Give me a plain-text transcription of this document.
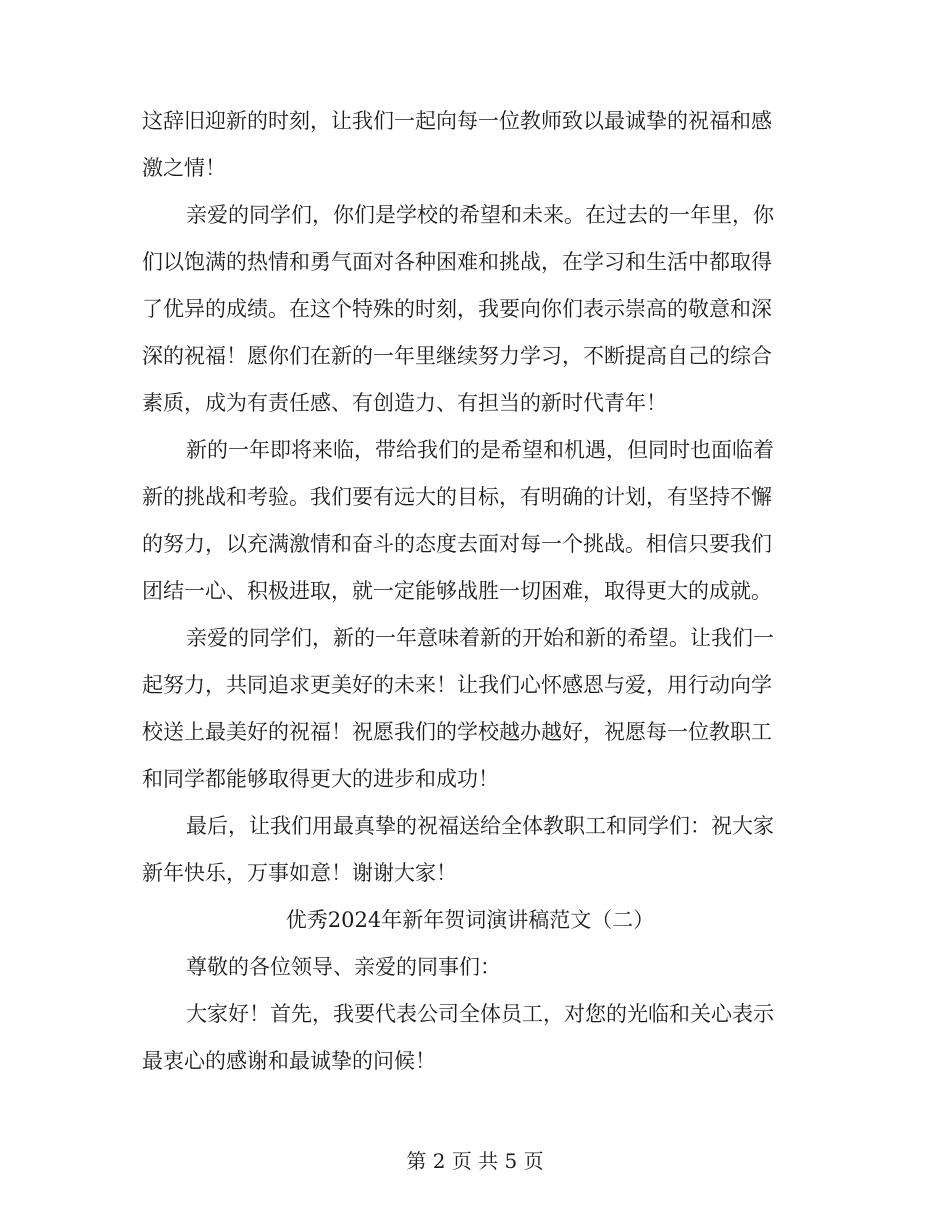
这辞旧迎新的时刻，让我们一起向每一位教师致以最诚挚的祝福和感

激之情！

亲爱的同学们，你们是学校的希望和未来。在过去的一年里，你

们以饱满的热情和勇气面对各种困难和挑战，在学习和生活中都取得

了优异的成绩。在这个特殊的时刻，我要向你们表示崇高的敬意和深

深的祝福！愿你们在新的一年里继续努力学习，不断提高自己的综合

素质，成为有责任感、有创造力、有担当的新时代青年！

新的一年即将来临，带给我们的是希望和机遇，但同时也面临着

新的挑战和考验。我们要有远大的目标，有明确的计划，有坚持不懈

的努力，以充满激情和奋斗的态度去面对每一个挑战。相信只要我们

团结一心、积极进取，就一定能够战胜一切困难，取得更大的成就。

亲爱的同学们，新的一年意味着新的开始和新的希望。让我们一

起努力，共同追求更美好的未来！让我们心怀感恩与爱，用行动向学

校送上最美好的祝福！祝愿我们的学校越办越好，祝愿每一位教职工

和同学都能够取得更大的进步和成功！

最后，让我们用最真挚的祝福送给全体教职工和同学们：祝大家

新年快乐，万事如意！谢谢大家！

优秀2024年新年贺词演讲稿范文（二）

尊敬的各位领导、亲爱的同事们：

大家好！首先，我要代表公司全体员工，对您的光临和关心表示

最衷心的感谢和最诚挚的问候！

第 2 页 共 5 页
